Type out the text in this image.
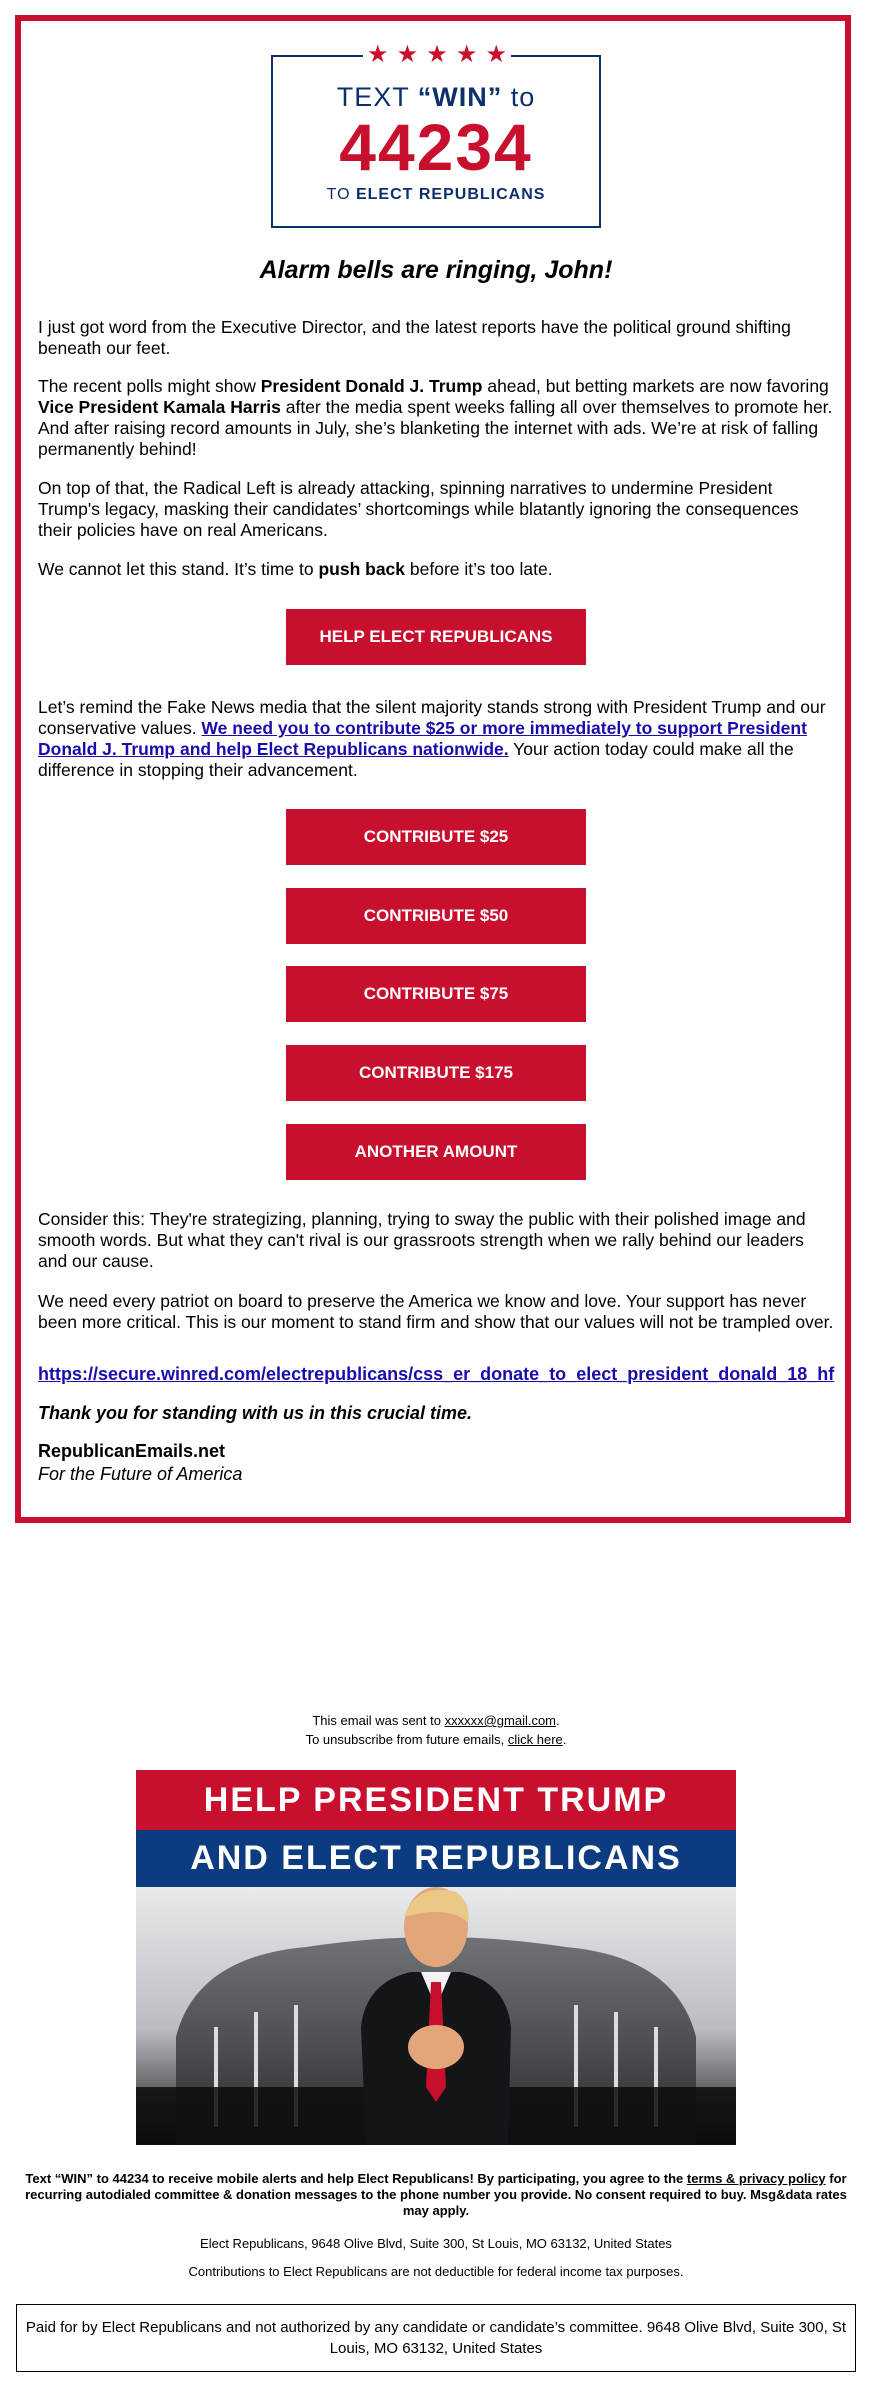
TEXT “WIN” to
44234
TO ELECT REPUBLICANS
★ ★ ★ ★ ★
Alarm bells are ringing, John!
I just got word from the Executive Director, and the latest reports have the political ground shifting beneath our feet.
The recent polls might show President Donald J. Trump ahead, but betting markets are now favoring Vice President Kamala Harris after the media spent weeks falling all over themselves to promote her. And after raising record amounts in July, she’s blanketing the internet with ads. We’re at risk of falling permanently behind!
On top of that, the Radical Left is already attacking, spinning narratives to undermine President Trump's legacy, masking their candidates’ shortcomings while blatantly ignoring the consequences their policies have on real Americans.
We cannot let this stand. It’s time to push back before it’s too late.
HELP ELECT REPUBLICANS
Let’s remind the Fake News media that the silent majority stands strong with President Trump and our conservative values. We need you to contribute $25 or more immediately to support President Donald J. Trump and help Elect Republicans nationwide. Your action today could make all the difference in stopping their advancement.
CONTRIBUTE $25
CONTRIBUTE $50
CONTRIBUTE $75
CONTRIBUTE $175
ANOTHER AMOUNT
Consider this: They're strategizing, planning, trying to sway the public with their polished image and smooth words. But what they can't rival is our grassroots strength when we rally behind our leaders and our cause.
We need every patriot on board to preserve the America we know and love. Your support has never been more critical. This is our moment to stand firm and show that our values will not be trampled over.
https://secure.winred.com/electrepublicans/css_er_donate_to_elect_president_donald_18_hf
Thank you for standing with us in this crucial time.
RepublicanEmails.net
For the Future of America
This email was sent to xxxxxx@gmail.com.
To unsubscribe from future emails, click here.
HELP PRESIDENT TRUMP
AND ELECT REPUBLICANS
Text “WIN” to 44234 to receive mobile alerts and help Elect Republicans! By participating, you agree to the terms & privacy policy for recurring autodialed committee & donation messages to the phone number you provide. No consent required to buy. Msg&data rates may apply.
Elect Republicans, 9648 Olive Blvd, Suite 300, St Louis, MO 63132, United States
Contributions to Elect Republicans are not deductible for federal income tax purposes.
Paid for by Elect Republicans and not authorized by any candidate or candidate’s committee. 9648 Olive Blvd, Suite 300, St Louis, MO 63132, United States
